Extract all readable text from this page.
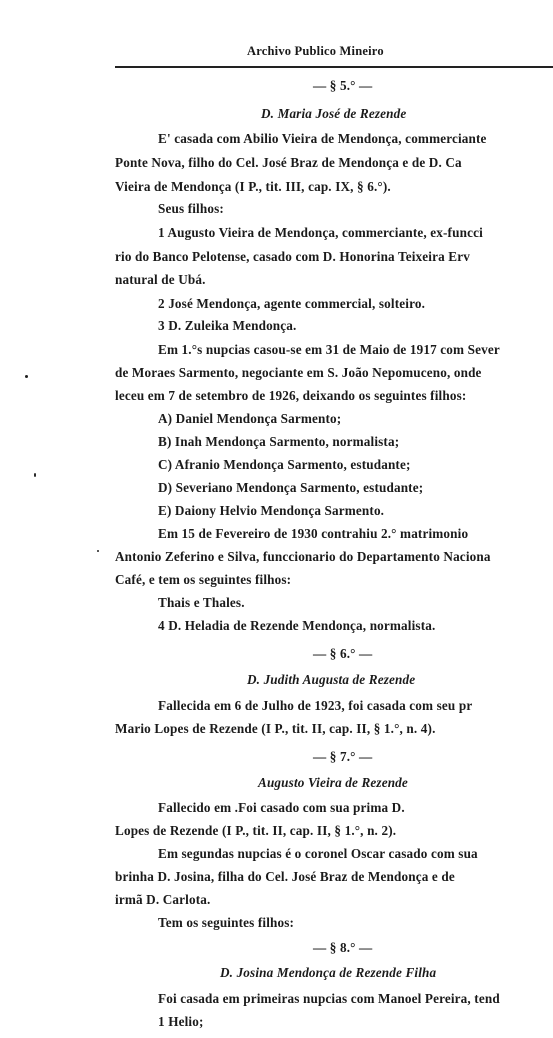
Archivo Publico Mineiro
— § 5.° —
D. Maria José de Rezende
E' casada com Abilio Vieira de Mendonça, commerciante
Ponte Nova, filho do Cel. José Braz de Mendonça e de D. Ca
Vieira de Mendonça (I P., tit. III, cap. IX, § 6.°).
Seus filhos:
1 Augusto Vieira de Mendonça, commerciante, ex-funcci
rio do Banco Pelotense, casado com D. Honorina Teixeira Erv
natural de Ubá.
2 José Mendonça, agente commercial, solteiro.
3 D. Zuleika Mendonça.
Em 1.°s nupcias casou-se em 31 de Maio de 1917 com Sever
de Moraes Sarmento, negociante em S. João Nepomuceno, onde
leceu em 7 de setembro de 1926, deixando os seguintes filhos:
A) Daniel Mendonça Sarmento;
B) Inah Mendonça Sarmento, normalista;
C) Afranio Mendonça Sarmento, estudante;
D) Severiano Mendonça Sarmento, estudante;
E) Daiony Helvio Mendonça Sarmento.
Em 15 de Fevereiro de 1930 contrahiu 2.° matrimonio
Antonio Zeferino e Silva, funccionario do Departamento Naciona
Café, e tem os seguintes filhos:
Thais e Thales.
4 D. Heladia de Rezende Mendonça, normalista.
— § 6.° —
D. Judith Augusta de Rezende
Fallecida em 6 de Julho de 1923, foi casada com seu pr
Mario Lopes de Rezende (I P., tit. II, cap. II, § 1.°, n. 4).
— § 7.° —
Augusto Vieira de Rezende
Fallecido em .Foi casado com sua prima D.
Lopes de Rezende (I P., tit. II, cap. II, § 1.°, n. 2).
Em segundas nupcias é o coronel Oscar casado com sua
brinha D. Josina, filha do Cel. José Braz de Mendonça e de
irmã D. Carlota.
Tem os seguintes filhos:
— § 8.° —
D. Josina Mendonça de Rezende Filha
Foi casada em primeiras nupcias com Manoel Pereira, tend
1 Helio;
